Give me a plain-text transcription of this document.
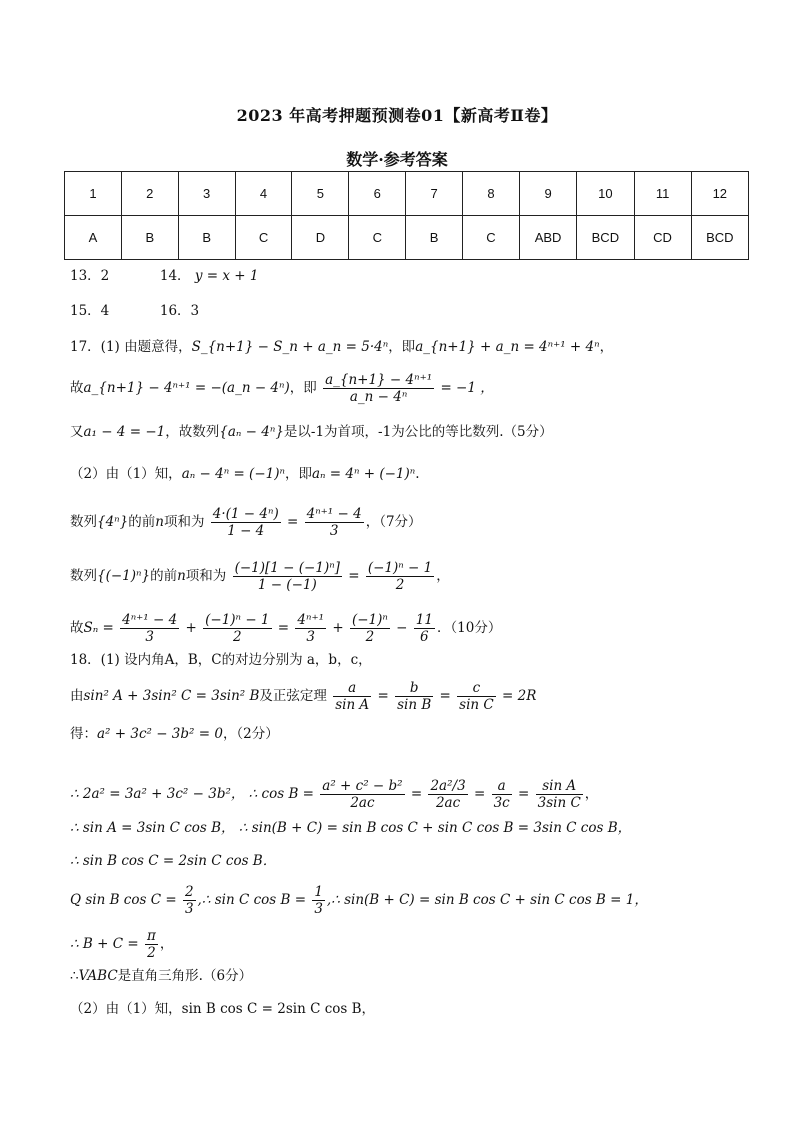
2023 年高考押题预测卷01【新高考Ⅱ卷】
数学·参考答案
1	2	3	4	5	6	7	8	9	10	11	12
A	B	B	C	D	C	B	C	ABD	BCD	CD	BCD
13．2	14． y = x + 1
15．4	16．3
17．(1) 由题意得，S_{n+1} − S_n + a_n = 5·4ⁿ，即a_{n+1} + a_n = 4ⁿ⁺¹ + 4ⁿ，
故a_{n+1} − 4ⁿ⁺¹ = −(a_n − 4ⁿ)，即 $\frac{\text{a\_\{n+1\} − 4ⁿ⁺¹}}{\text{a\_n − 4ⁿ}} = -1$ ，
又a₁ − 4 = −1，故数列{aₙ − 4ⁿ}是以-1为首项，-1为公比的等比数列.（5分）
（2）由（1）知，aₙ − 4ⁿ = (−1)ⁿ，即aₙ = 4ⁿ + (−1)ⁿ.
数列{4ⁿ}的前n项和为 $\frac{\text{4·(1 − 4ⁿ)}}{1 - 4} = \frac{\text{4ⁿ⁺¹ − 4}}{3}$ ，（7分）
数列{(−1)ⁿ}的前n项和为 $\frac{\text{(−1)[1 − (−1)ⁿ]}}{1 - (-1)} = \frac{\text{(−1)ⁿ − 1}}{2}$ ，
故$S_n = \frac{\text{4ⁿ⁺¹ − 4}}{3} + \frac{\text{(−1)ⁿ − 1}}{2} = \frac{\text{4ⁿ⁺¹}}{3} + \frac{\text{(−1)ⁿ}}{2} - \frac{11}{6}$ ．（10分）
18．(1) 设内角A，B，C的对边分别为 a，b，c，
由sin² A + 3sin² C = 3sin² B及正弦定理 $\frac{a}{\text{sin A}} = \frac{b}{\text{sin B}} = \frac{c}{\text{sin C}} = 2R$
得：a² + 3c² − 3b² = 0，（2分）
∴ 2a² = 3a² + 3c² − 3b²， ∴ $\cos B = \frac{\text{a² + c² − b²}}{2ac} = \frac{\text{2a²/3}}{2ac} = \frac{a}{3c} = \frac{\text{sin A}}{\text{3sin C}}$ ，
∴ sin A = 3sin C cos B， ∴ sin(B + C) = sin B cos C + sin C cos B = 3sin C cos B，
∴ sin B cos C = 2sin C cos B．
Q sin B $\cos C = \frac{2}{3}$ ,∴ sin C $\cos B = \frac{1}{3}$ ,∴ sin(B + C) = sin B cos C + sin C cos B = 1，
∴ $B + C = \frac{\pi}{2}$ ，
∴VABC是直角三角形.（6分）
（2）由（1）知，sin B cos C = 2sin C cos B，
